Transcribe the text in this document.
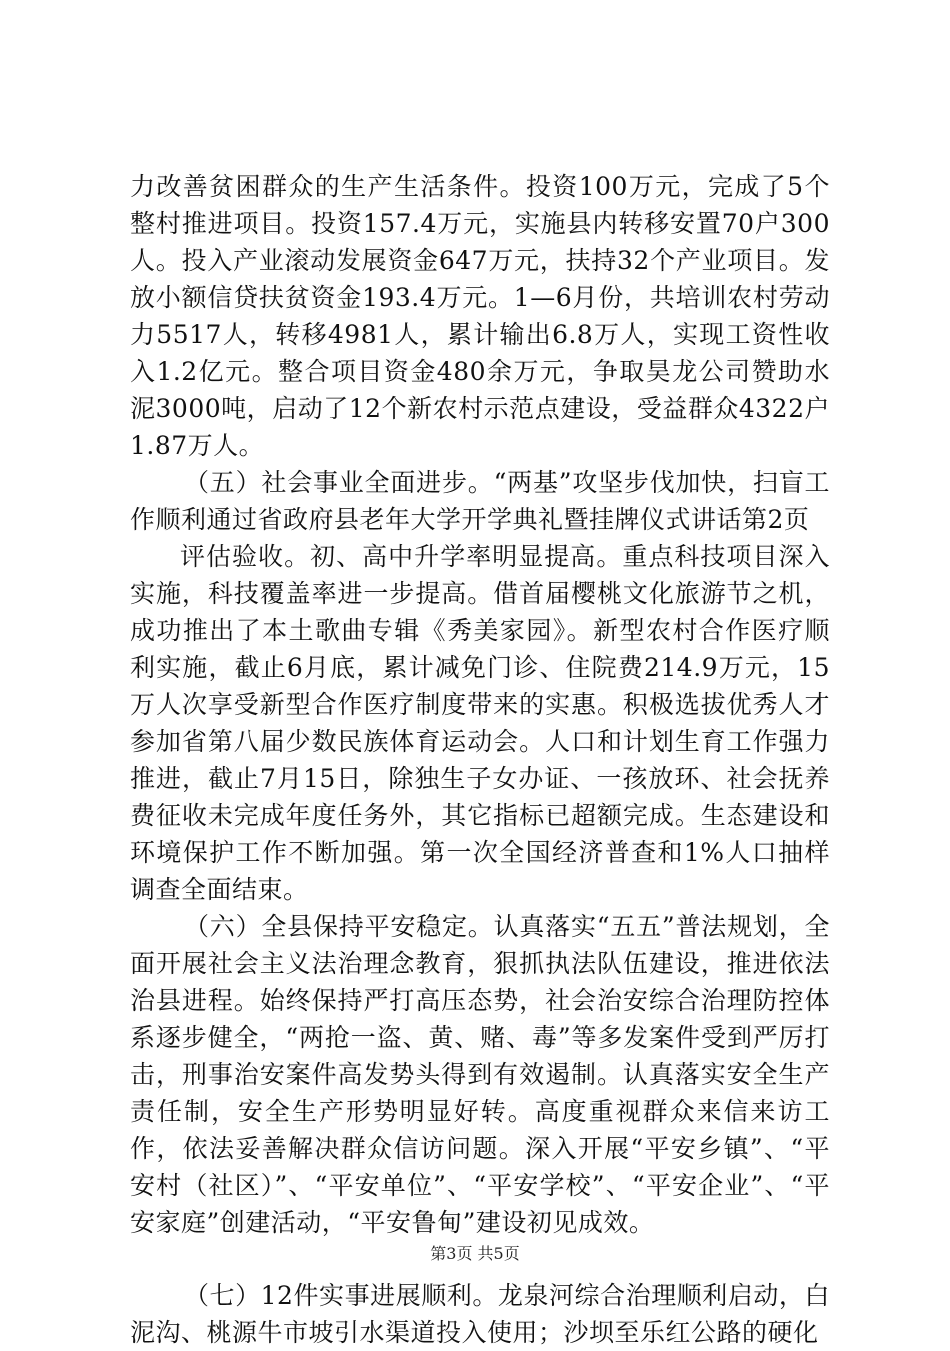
力改善贫困群众的生产生活条件。投资100万元，完成了5个整村推进项目。投资157.4万元，实施县内转移安置70户300人。投入产业滚动发展资金647万元，扶持32个产业项目。发放小额信贷扶贫资金193.4万元。1—6月份，共培训农村劳动力5517人，转移4981人，累计输出6.8万人，实现工资性收入1.2亿元。整合项目资金480余万元，争取昊龙公司赞助水泥3000吨，启动了12个新农村示范点建设，受益群众4322户1.87万人。

（五）社会事业全面进步。“两基”攻坚步伐加快，扫盲工作顺利通过省政府县老年大学开学典礼暨挂牌仪式讲话第2页

评估验收。初、高中升学率明显提高。重点科技项目深入实施，科技覆盖率进一步提高。借首届樱桃文化旅游节之机，成功推出了本土歌曲专辑《秀美家园》。新型农村合作医疗顺利实施，截止6月底，累计减免门诊、住院费214.9万元，15万人次享受新型合作医疗制度带来的实惠。积极选拔优秀人才参加省第八届少数民族体育运动会。人口和计划生育工作强力推进，截止7月15日，除独生子女办证、一孩放环、社会抚养费征收未完成年度任务外，其它指标已超额完成。生态建设和环境保护工作不断加强。第一次全国经济普查和1%人口抽样调查全面结束。

（六）全县保持平安稳定。认真落实“五五”普法规划，全面开展社会主义法治理念教育，狠抓执法队伍建设，推进依法治县进程。始终保持严打高压态势，社会治安综合治理防控体系逐步健全，“两抢一盗、黄、赌、毒”等多发案件受到严厉打击，刑事治安案件高发势头得到有效遏制。认真落实安全生产责任制，安全生产形势明显好转。高度重视群众来信来访工作，依法妥善解决群众信访问题。深入开展“平安乡镇”、“平安村（社区）”、“平安单位”、“平安学校”、“平安企业”、“平安家庭”创建活动，“平安鲁甸”建设初见成效。

（七）12件实事进展顺利。龙泉河综合治理顺利启动，白泥沟、桃源牛市坡引水渠道投入使用；沙坝至乐红公路的硬化

第3页 共5页
